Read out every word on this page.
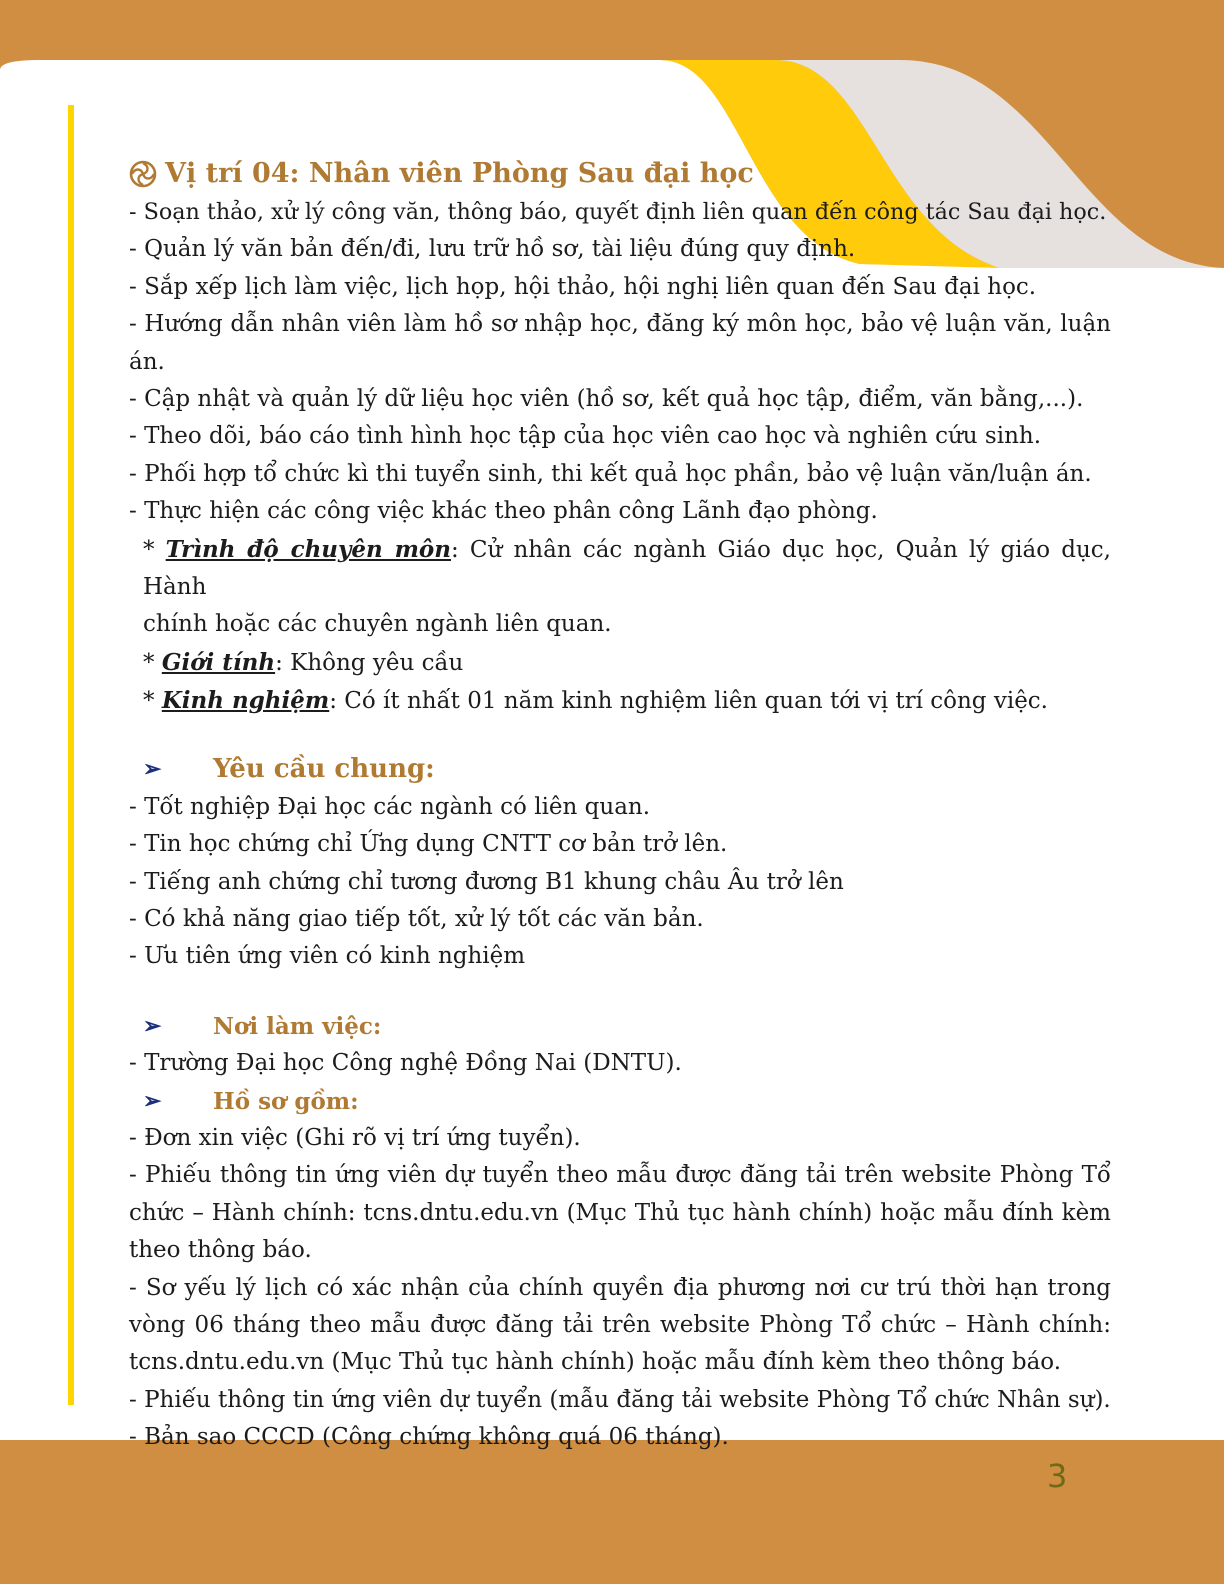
Vị trí 04: Nhân viên Phòng Sau đại học

- Soạn thảo, xử lý công văn, thông báo, quyết định liên quan đến công tác Sau đại học.

- Quản lý văn bản đến/đi, lưu trữ hồ sơ, tài liệu đúng quy định.

- Sắp xếp lịch làm việc, lịch họp, hội thảo, hội nghị liên quan đến Sau đại học.

- Hướng dẫn nhân viên làm hồ sơ nhập học, đăng ký môn học, bảo vệ luận văn, luận

án.

- Cập nhật và quản lý dữ liệu học viên (hồ sơ, kết quả học tập, điểm, văn bằng,...).

- Theo dõi, báo cáo tình hình học tập của học viên cao học và nghiên cứu sinh.

- Phối hợp tổ chức kì thi tuyển sinh, thi kết quả học phần, bảo vệ luận văn/luận án.

- Thực hiện các công việc khác theo phân công Lãnh đạo phòng.

* Trình độ chuyên môn: Cử nhân các ngành Giáo dục học, Quản lý giáo dục, Hành

chính hoặc các chuyên ngành liên quan.

* Giới tính: Không yêu cầu

* Kinh nghiệm: Có ít nhất 01 năm kinh nghiệm liên quan tới vị trí công việc.

➢	Yêu cầu chung:

- Tốt nghiệp Đại học các ngành có liên quan.

- Tin học chứng chỉ Ứng dụng CNTT cơ bản trở lên.

- Tiếng anh chứng chỉ tương đương B1 khung châu Âu trở lên

- Có khả năng giao tiếp tốt, xử lý tốt các văn bản.

- Ưu tiên ứng viên có kinh nghiệm

➢	Nơi làm việc:

- Trường Đại học Công nghệ Đồng Nai (DNTU).

➢	Hồ sơ gồm:

- Đơn xin việc (Ghi rõ vị trí ứng tuyển).

- Phiếu thông tin ứng viên dự tuyển theo mẫu được đăng tải trên website Phòng Tổ

chức – Hành chính: tcns.dntu.edu.vn (Mục Thủ tục hành chính) hoặc mẫu đính kèm

theo thông báo.

- Sơ yếu lý lịch có xác nhận của chính quyền địa phương nơi cư trú thời hạn trong

vòng 06 tháng theo mẫu được đăng tải trên website Phòng Tổ chức – Hành chính:

tcns.dntu.edu.vn (Mục Thủ tục hành chính) hoặc mẫu đính kèm theo thông báo.

- Phiếu thông tin ứng viên dự tuyển (mẫu đăng tải website Phòng Tổ chức Nhân sự).

- Bản sao CCCD (Công chứng không quá 06 tháng).

3
